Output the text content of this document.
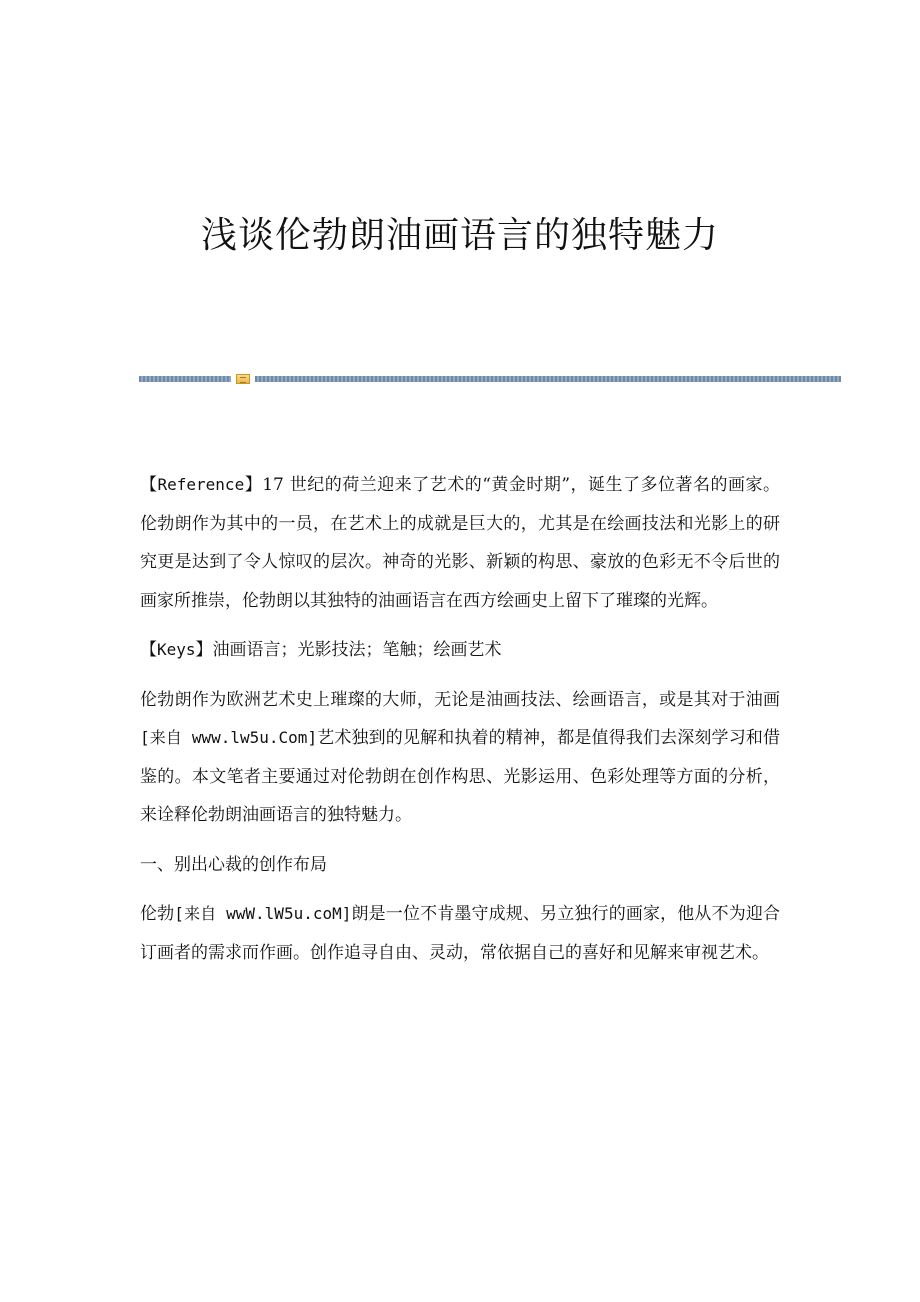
浅谈伦勃朗油画语言的独特魅力

【Reference】17 世纪的荷兰迎来了艺术的“黄金时期”，诞生了多位著名的画家。伦勃朗作为其中的一员，在艺术上的成就是巨大的，尤其是在绘画技法和光影上的研究更是达到了令人惊叹的层次。神奇的光影、新颖的构思、豪放的色彩无不令后世的画家所推崇，伦勃朗以其独特的油画语言在西方绘画史上留下了璀璨的光辉。

【Keys】油画语言；光影技法；笔触；绘画艺术

伦勃朗作为欧洲艺术史上璀璨的大师，无论是油画技法、绘画语言，或是其对于油画[来自 www.lw5u.Com]艺术独到的见解和执着的精神，都是值得我们去深刻学习和借鉴的。本文笔者主要通过对伦勃朗在创作构思、光影运用、色彩处理等方面的分析，来诠释伦勃朗油画语言的独特魅力。

一、别出心裁的创作布局

伦勃[来自 wwW.lW5u.coM]朗是一位不肯墨守成规、另立独行的画家，他从不为迎合订画者的需求而作画。创作追寻自由、灵动，常依据自己的喜好和见解来审视艺术。
